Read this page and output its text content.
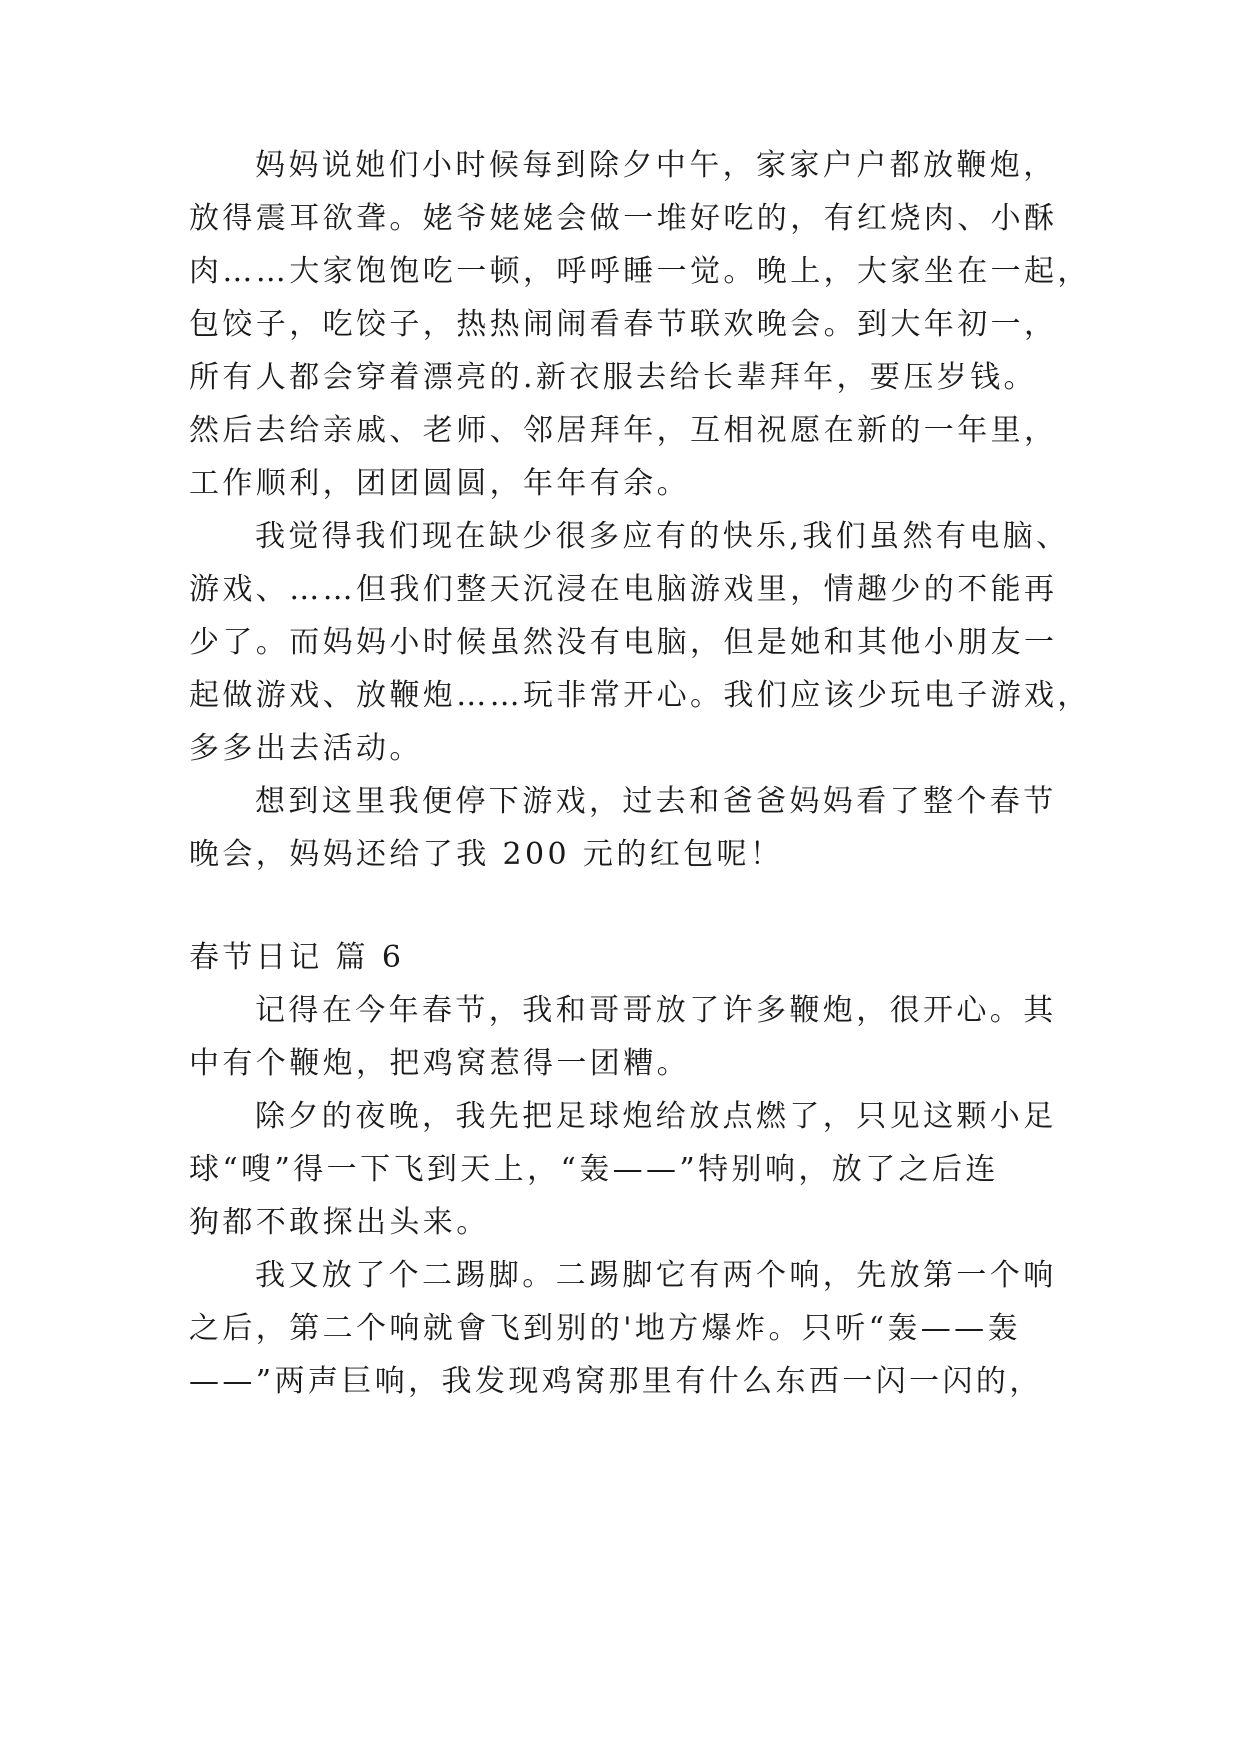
妈妈说她们小时候每到除夕中午，家家户户都放鞭炮，
放得震耳欲聋。姥爷姥姥会做一堆好吃的，有红烧肉、小酥
肉……大家饱饱吃一顿，呼呼睡一觉。晚上，大家坐在一起，
包饺子，吃饺子，热热闹闹看春节联欢晚会。到大年初一，
所有人都会穿着漂亮的.新衣服去给长辈拜年，要压岁钱。
然后去给亲戚、老师、邻居拜年，互相祝愿在新的一年里，
工作顺利，团团圆圆，年年有余。
我觉得我们现在缺少很多应有的快乐,我们虽然有电脑、
游戏、……但我们整天沉浸在电脑游戏里，情趣少的不能再
少了。而妈妈小时候虽然没有电脑，但是她和其他小朋友一
起做游戏、放鞭炮……玩非常开心。我们应该少玩电子游戏，
多多出去活动。
想到这里我便停下游戏，过去和爸爸妈妈看了整个春节
晚会，妈妈还给了我 200 元的红包呢！
春节日记 篇 6
记得在今年春节，我和哥哥放了许多鞭炮，很开心。其
中有个鞭炮，把鸡窝惹得一团糟。
除夕的夜晚，我先把足球炮给放点燃了，只见这颗小足
球“嗖”得一下飞到天上，“轰——”特别响，放了之后连
狗都不敢探出头来。
我又放了个二踢脚。二踢脚它有两个响，先放第一个响
之后，第二个响就會飞到别的'地方爆炸。只听“轰——轰
——”两声巨响，我发现鸡窝那里有什么东西一闪一闪的，
